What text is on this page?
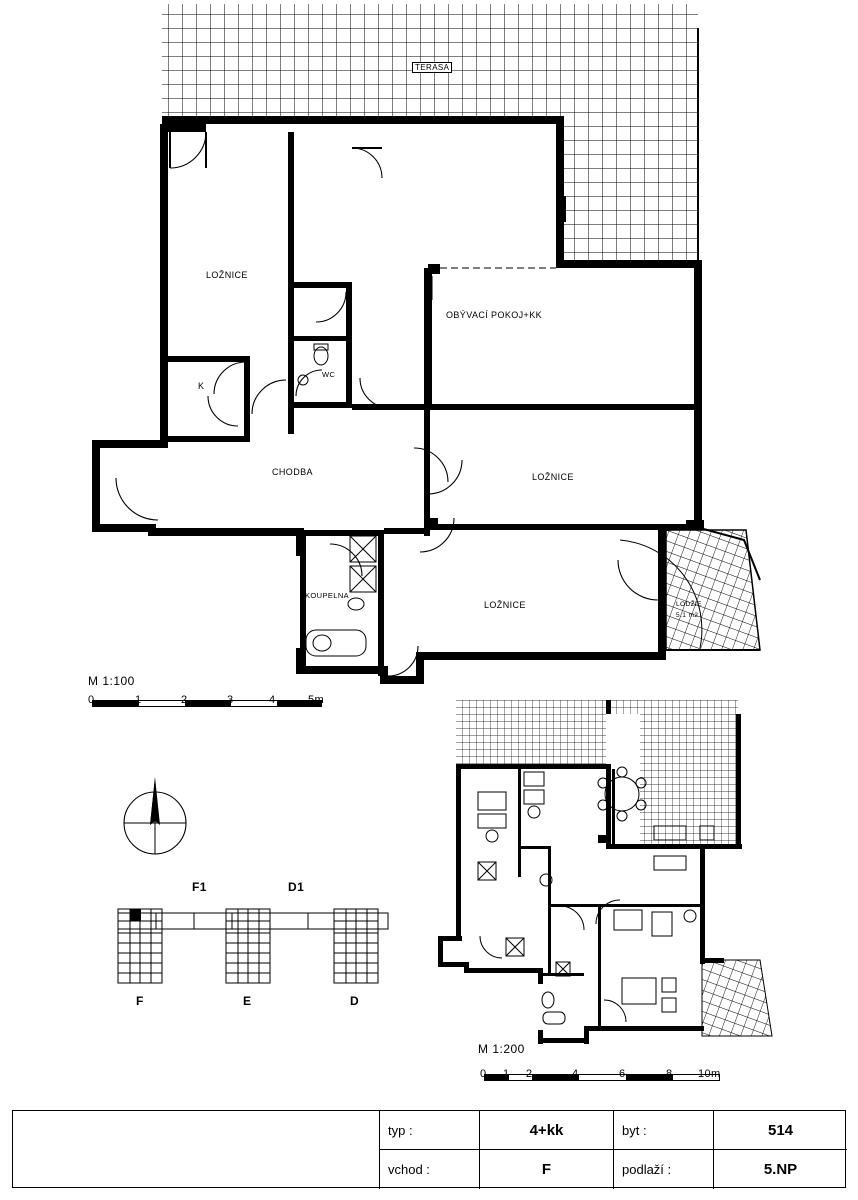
TERASA
LOŽNICE
OBÝVACÍ POKOJ+KK
K
WC
CHODBA	LOŽNICE
KOUPELNA
LOŽNICE	LODŽIE
5.1 m2
M 1:100
0	1	2	3	4	5m
F1	D1
F	E	D
M 1:200
0 1 2	4	6	8 10m
typ :	4+kk	byt :	514
vchod :	F	podlaží :	5.NP
